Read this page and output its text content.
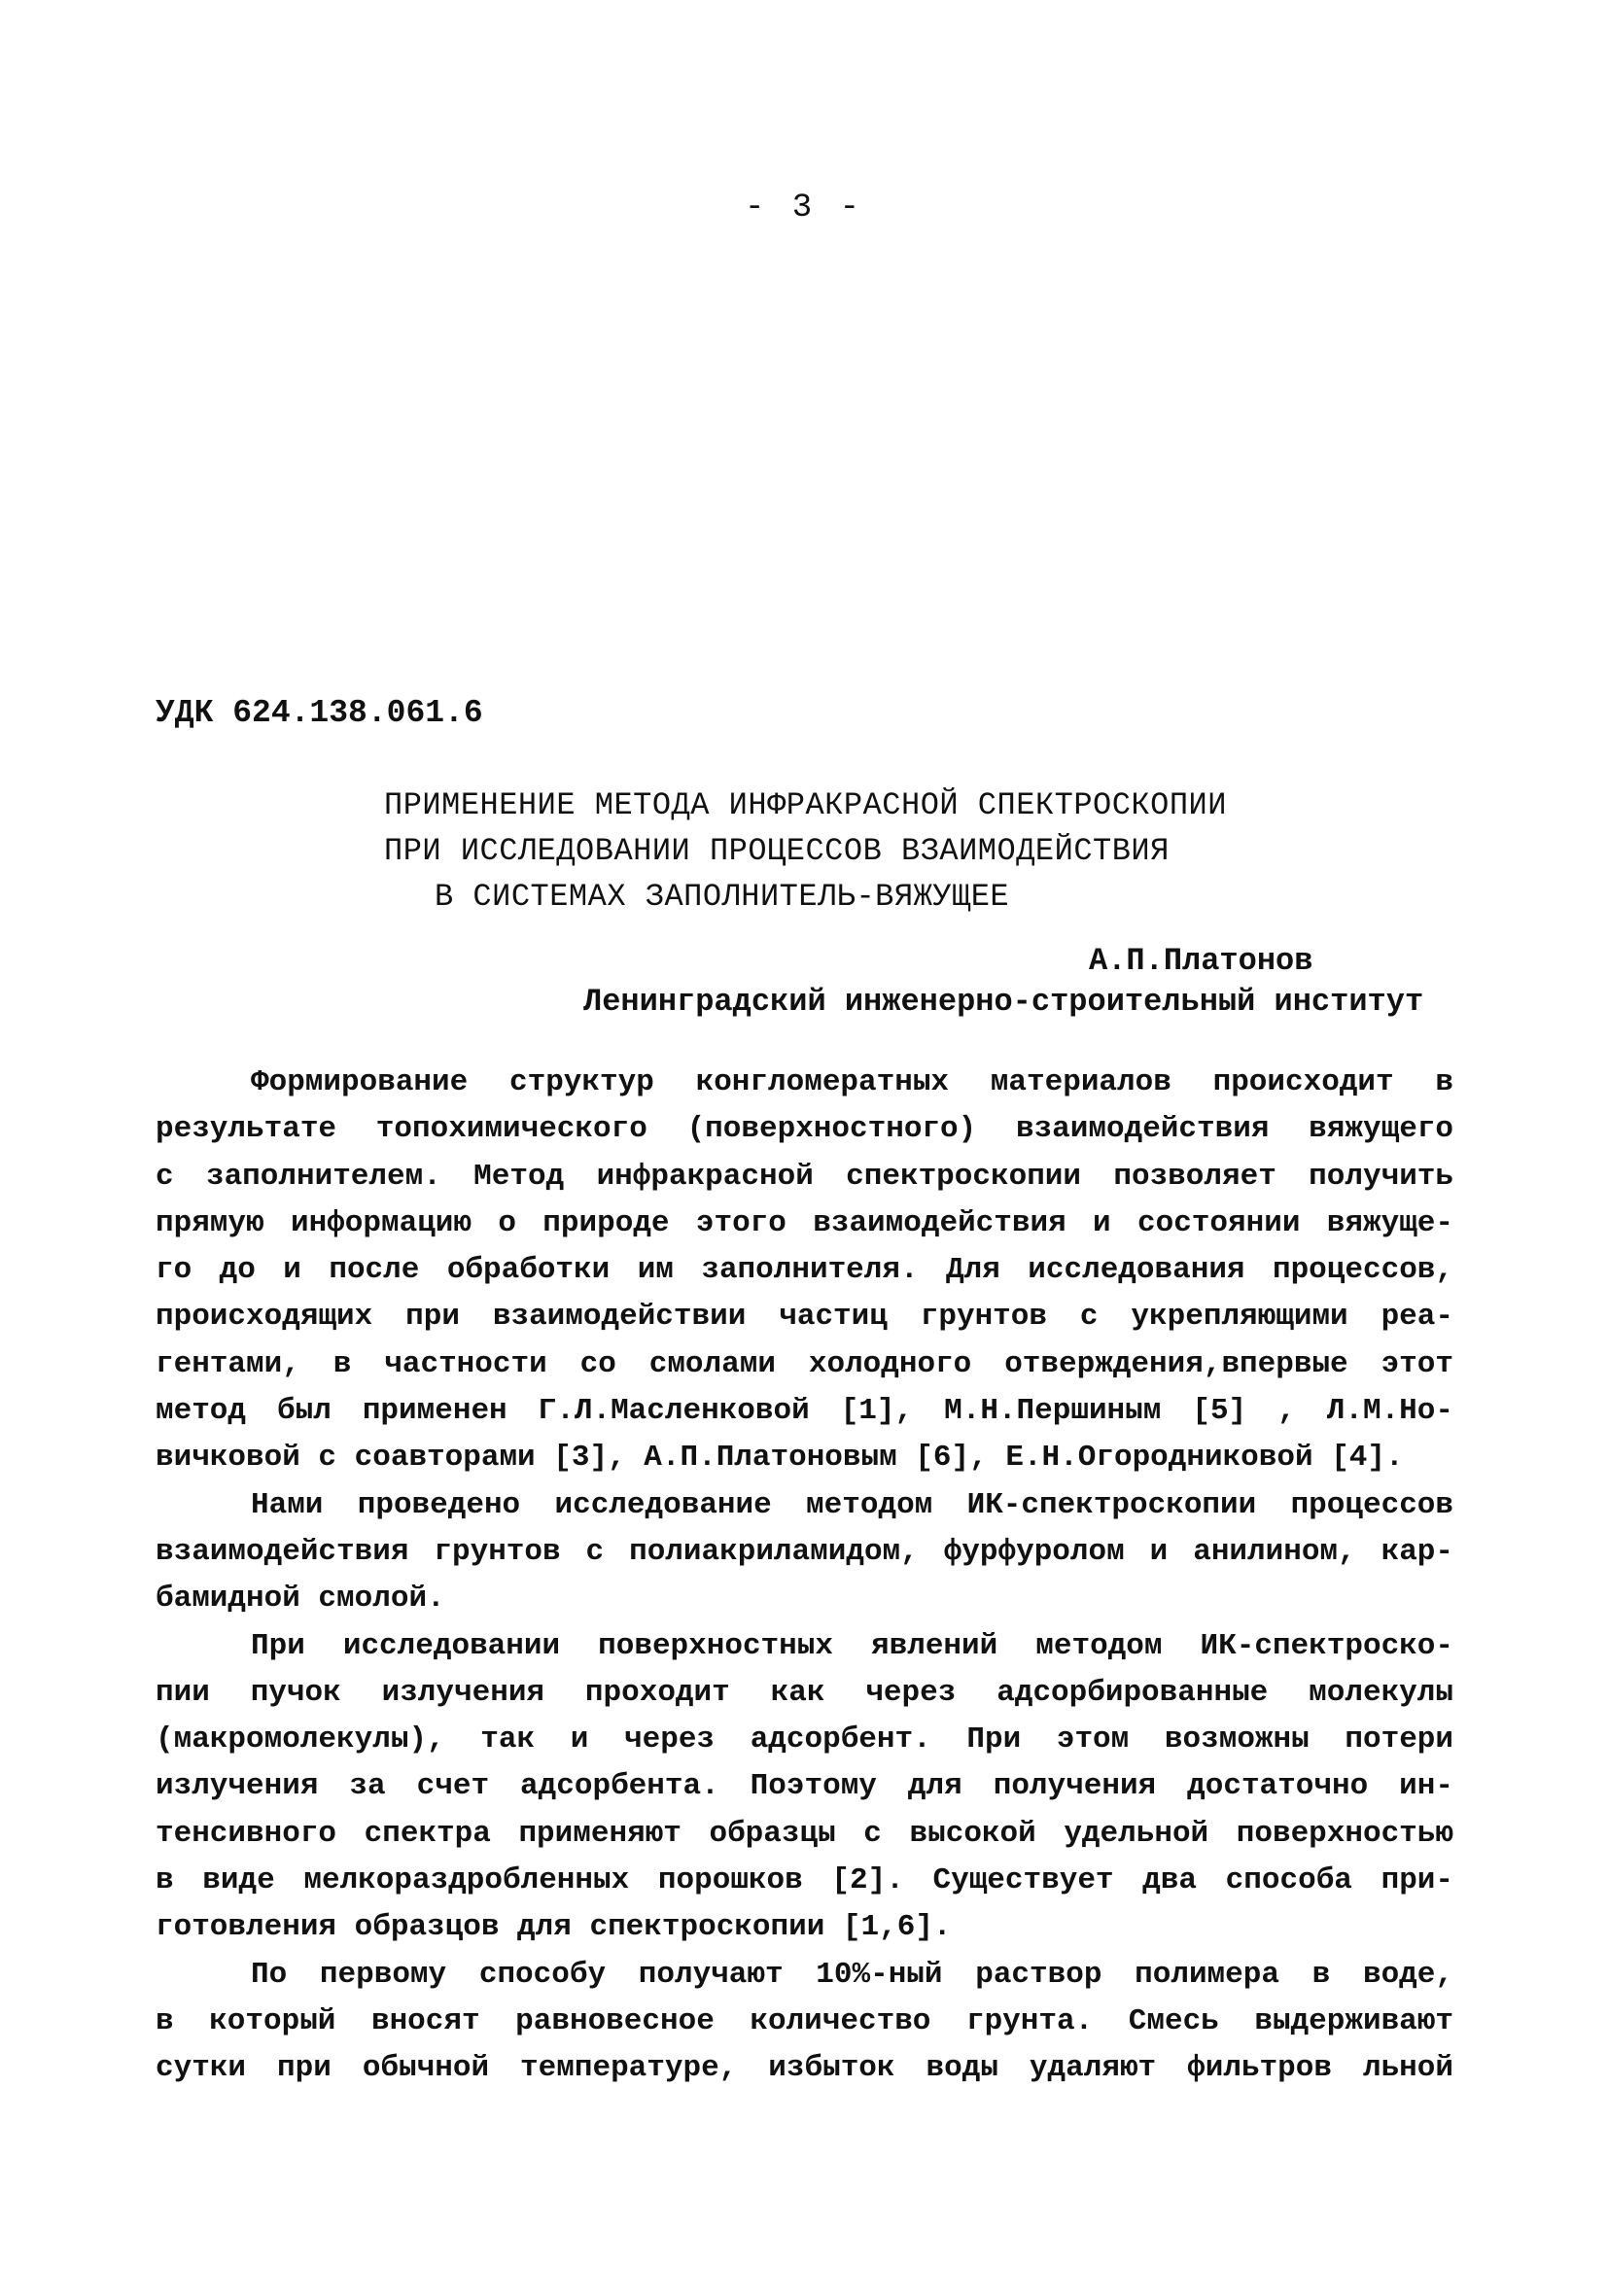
- 3 -
УДК 624.138.061.6
ПРИМЕНЕНИЕ МЕТОДА ИНФРАКРАСНОЙ СПЕКТРОСКОПИИ
ПРИ ИССЛЕДОВАНИИ ПРОЦЕССОВ ВЗАИМОДЕЙСТВИЯ
В СИСТЕМАХ ЗАПОЛНИТЕЛЬ-ВЯЖУЩЕЕ
А.П.Платонов
Ленинградский инженерно-строительный институт
Формирование структур конгломератных материалов происходит в
результате топохимического (поверхностного) взаимодействия вяжущего
с заполнителем. Метод инфракрасной спектроскопии позволяет получить
прямую информацию о природе этого взаимодействия и состоянии вяжуще-
го до и после обработки им заполнителя. Для исследования процессов,
происходящих при взаимодействии частиц грунтов с укрепляющими реа-
гентами, в частности со смолами холодного отверждения,впервые этот
метод был применен Г.Л.Масленковой [1], М.Н.Першиным [5] , Л.М.Но-
вичковой с соавторами [3], А.П.Платоновым [6], Е.Н.Огородниковой [4].
Нами проведено исследование методом ИК-спектроскопии процессов
взаимодействия грунтов с полиакриламидом, фурфуролом и анилином, кар-
бамидной смолой.
При исследовании поверхностных явлений методом ИК-спектроско-
пии пучок излучения проходит как через адсорбированные молекулы
(макромолекулы), так и через адсорбент. При этом возможны потери
излучения за счет адсорбента. Поэтому для получения достаточно ин-
тенсивного спектра применяют образцы с высокой удельной поверхностью
в виде мелкораздробленных порошков [2]. Существует два способа при-
готовления образцов для спектроскопии [1,6].
По первому способу получают 10%-ный раствор полимера в воде,
в который вносят равновесное количество грунта. Смесь выдерживают
сутки при обычной температуре, избыток воды удаляют фильтров льной
